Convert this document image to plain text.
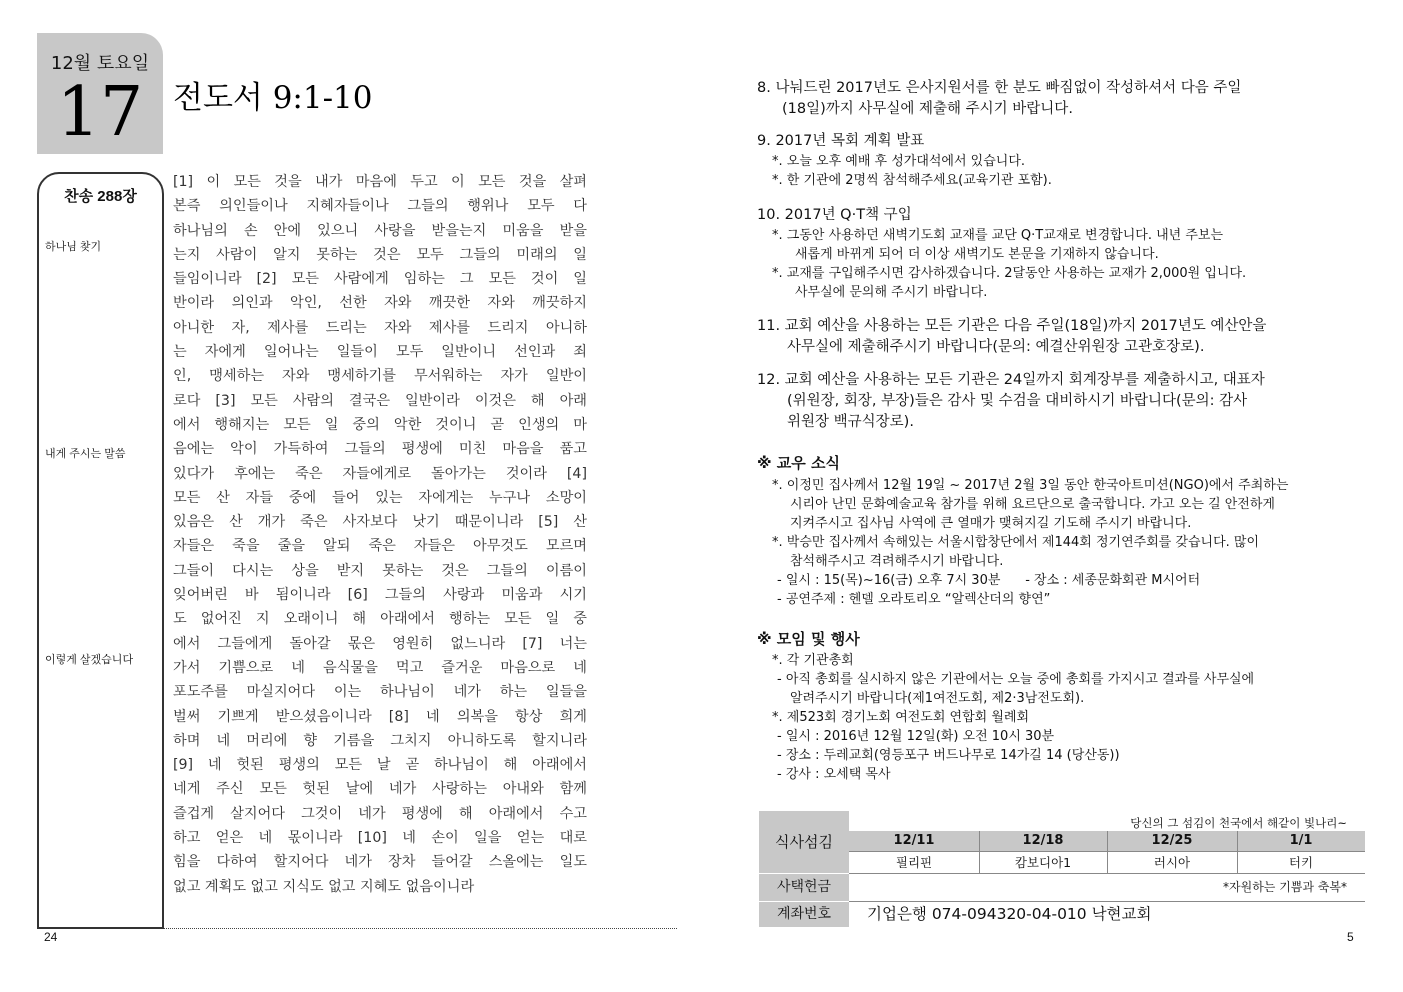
12월 토요일
17 전도서 9:1-10
찬송 288장
하나님 찾기
내게 주시는 말씀
이렇게 살겠습니다
[1] 이 모든 것을 내가 마음에 두고 이 모든 것을 살펴
본즉 의인들이나 지혜자들이나 그들의 행위나 모두 다
하나님의 손 안에 있으니 사랑을 받을는지 미움을 받을
는지 사람이 알지 못하는 것은 모두 그들의 미래의 일
들임이니라 [2] 모든 사람에게 임하는 그 모든 것이 일
반이라 의인과 악인, 선한 자와 깨끗한 자와 깨끗하지
아니한 자, 제사를 드리는 자와 제사를 드리지 아니하
는 자에게 일어나는 일들이 모두 일반이니 선인과 죄
인, 맹세하는 자와 맹세하기를 무서워하는 자가 일반이
로다 [3] 모든 사람의 결국은 일반이라 이것은 해 아래
에서 행해지는 모든 일 중의 악한 것이니 곧 인생의 마
음에는 악이 가득하여 그들의 평생에 미친 마음을 품고
있다가 후에는 죽은 자들에게로 돌아가는 것이라 [4]
모든 산 자들 중에 들어 있는 자에게는 누구나 소망이
있음은 산 개가 죽은 사자보다 낫기 때문이니라 [5] 산
자들은 죽을 줄을 알되 죽은 자들은 아무것도 모르며
그들이 다시는 상을 받지 못하는 것은 그들의 이름이
잊어버린 바 됨이니라 [6] 그들의 사랑과 미움과 시기
도 없어진 지 오래이니 해 아래에서 행하는 모든 일 중
에서 그들에게 돌아갈 몫은 영원히 없느니라 [7] 너는
가서 기쁨으로 네 음식물을 먹고 즐거운 마음으로 네
포도주를 마실지어다 이는 하나님이 네가 하는 일들을
벌써 기쁘게 받으셨음이니라 [8] 네 의복을 항상 희게
하며 네 머리에 향 기름을 그치지 아니하도록 할지니라
[9] 네 헛된 평생의 모든 날 곧 하나님이 해 아래에서
네게 주신 모든 헛된 날에 네가 사랑하는 아내와 함께
즐겁게 살지어다 그것이 네가 평생에 해 아래에서 수고
하고 얻은 네 몫이니라 [10] 네 손이 일을 얻는 대로
힘을 다하여 할지어다 네가 장차 들어갈 스올에는 일도
없고 계획도 없고 지식도 없고 지혜도 없음이니라
24
8. 나눠드린 2017년도 은사지원서를 한 분도 빠짐없이 작성하셔서 다음 주일
(18일)까지 사무실에 제출해 주시기 바랍니다.
9. 2017년 목회 계획 발표
*. 오늘 오후 예배 후 성가대석에서 있습니다.
*. 한 기관에 2명씩 참석해주세요(교육기관 포함).
10. 2017년 Q·T책 구입
*. 그동안 사용하던 새벽기도회 교재를 교단 Q·T교재로 변경합니다. 내년 주보는
새롭게 바뀌게 되어 더 이상 새벽기도 본문을 기재하지 않습니다.
*. 교재를 구입해주시면 감사하겠습니다. 2달동안 사용하는 교재가 2,000원 입니다.
사무실에 문의해 주시기 바랍니다.
11. 교회 예산을 사용하는 모든 기관은 다음 주일(18일)까지 2017년도 예산안을
사무실에 제출해주시기 바랍니다(문의: 예결산위원장 고관호장로).
12. 교회 예산을 사용하는 모든 기관은 24일까지 회계장부를 제출하시고, 대표자
(위원장, 회장, 부장)들은 감사 및 수검을 대비하시기 바랍니다(문의: 감사
위원장 백규식장로).
※ 교우 소식
*. 이정민 집사께서 12월 19일 ~ 2017년 2월 3일 동안 한국아트미션(NGO)에서 주최하는
시리아 난민 문화예술교육 참가를 위해 요르단으로 출국합니다. 가고 오는 길 안전하게
지켜주시고 집사님 사역에 큰 열매가 맺혀지길 기도해 주시기 바랍니다.
*. 박승만 집사께서 속해있는 서울시합창단에서 제144회 정기연주회를 갖습니다. 많이
참석해주시고 격려해주시기 바랍니다.
- 일시 : 15(목)~16(금) 오후 7시 30분      - 장소 : 세종문화회관 M시어터
- 공연주제 : 헨델 오라토리오 “알렉산더의 향연”
※ 모임 및 행사
*. 각 기관총회
- 아직 총회를 실시하지 않은 기관에서는 오늘 중에 총회를 가지시고 결과를 사무실에
알려주시기 바랍니다(제1여전도회, 제2·3남전도회).
*. 제523회 경기노회 여전도회 연합회 월례회
- 일시 : 2016년 12월 12일(화) 오전 10시 30분
- 장소 : 두레교회(영등포구 버드나무로 14가길 14 (당산동))
- 강사 : 오세택 목사
식사섬김
당신의 그 섬김이 천국에서 해같이 빛나리~
12/11	12/18	12/25	1/1
필리핀	캄보디아1	러시아	터키
사택헌금	*자원하는 기쁨과 축복*
계좌번호	기업은행 074-094320-04-010 낙현교회
5
